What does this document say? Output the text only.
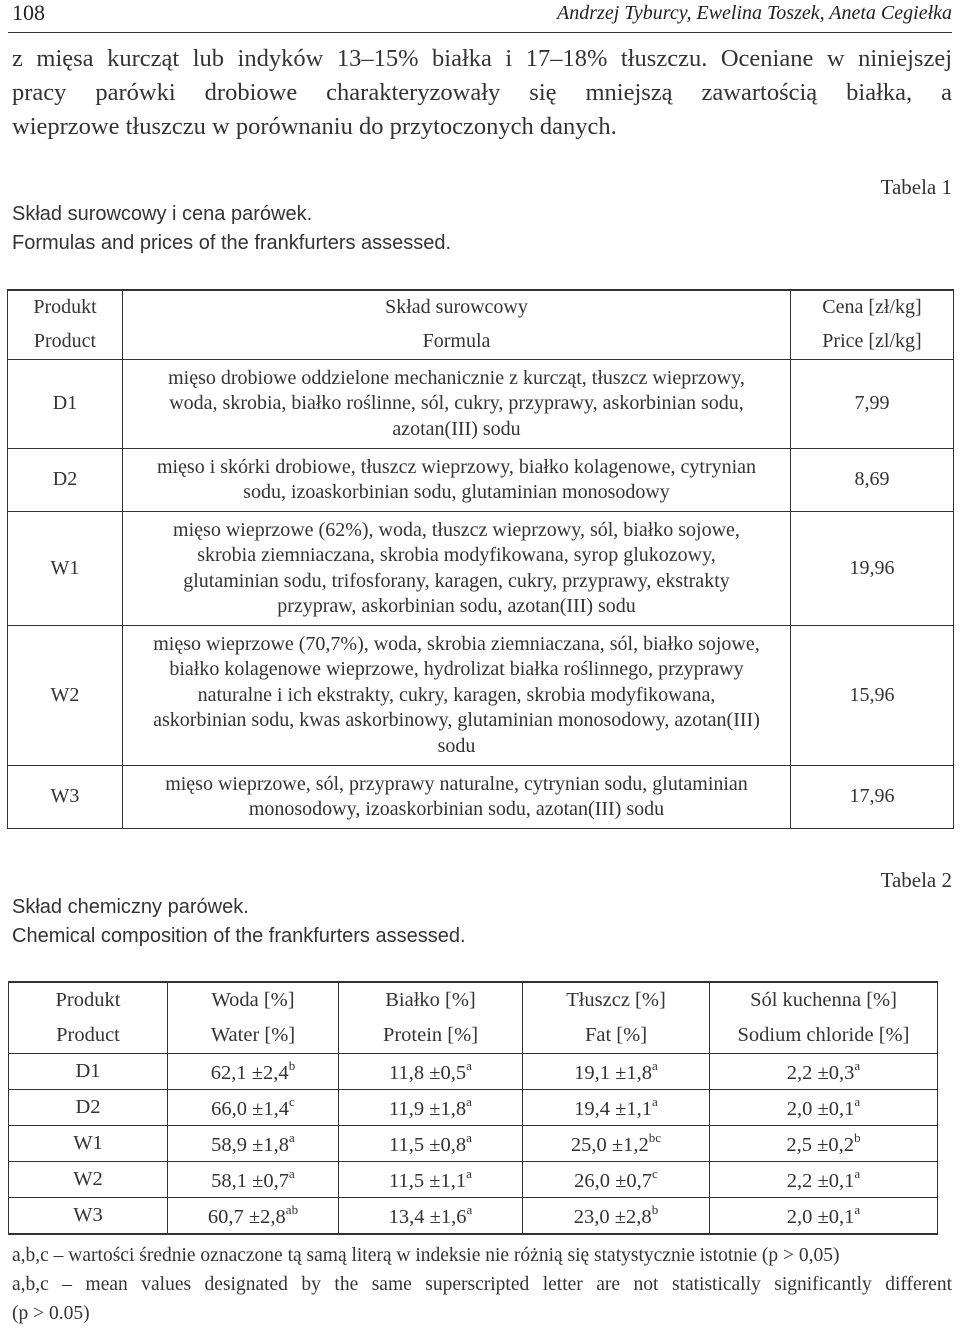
108	Andrzej Tyburcy, Ewelina Toszek, Aneta Cegiełka
z mięsa kurcząt lub indyków 13–15% białka i 17–18% tłuszczu. Oceniane w niniejszej
pracy parówki drobiowe charakteryzowały się mniejszą zawartością białka, a
wieprzowe tłuszczu w porównaniu do przytoczonych danych.
Tabela 1
Skład surowcowy i cena parówek.
Formulas and prices of the frankfurters assessed.
Produkt	Skład surowcowy	Cena [zł/kg]
Product	Formula	Price [zl/kg]
D1	mięso drobiowe oddzielone mechanicznie z kurcząt, tłuszcz wieprzowy,
woda, skrobia, białko roślinne, sól, cukry, przyprawy, askorbinian sodu,
azotan(III) sodu	7,99
D2	mięso i skórki drobiowe, tłuszcz wieprzowy, białko kolagenowe, cytrynian
sodu, izoaskorbinian sodu, glutaminian monosodowy	8,69
W1	mięso wieprzowe (62%), woda, tłuszcz wieprzowy, sól, białko sojowe,
skrobia ziemniaczana, skrobia modyfikowana, syrop glukozowy,
glutaminian sodu, trifosforany, karagen, cukry, przyprawy, ekstrakty
przypraw, askorbinian sodu, azotan(III) sodu	19,96
W2	mięso wieprzowe (70,7%), woda, skrobia ziemniaczana, sól, białko sojowe,
białko kolagenowe wieprzowe, hydrolizat białka roślinnego, przyprawy
naturalne i ich ekstrakty, cukry, karagen, skrobia modyfikowana,
askorbinian sodu, kwas askorbinowy, glutaminian monosodowy, azotan(III)
sodu	15,96
W3	mięso wieprzowe, sól, przyprawy naturalne, cytrynian sodu, glutaminian
monosodowy, izoaskorbinian sodu, azotan(III) sodu	17,96
Tabela 2
Skład chemiczny parówek.
Chemical composition of the frankfurters assessed.
Produkt	Woda [%]	Białko [%]	Tłuszcz [%]	Sól kuchenna [%]
Product	Water [%]	Protein [%]	Fat [%]	Sodium chloride [%]
D1	62,1 ±2,4$^b$	11,8 ±0,5$^a$	19,1 ±1,8$^a$	2,2 ±0,3$^a$
D2	66,0 ±1,4$^c$	11,9 ±1,8$^a$	19,4 ±1,1$^a$	2,0 ±0,1$^a$
W1	58,9 ±1,8$^a$	11,5 ±0,8$^a$	25,0 ±1,2$^{bc}$	2,5 ±0,2$^b$
W2	58,1 ±0,7$^a$	11,5 ±1,1$^a$	26,0 ±0,7$^c$	2,2 ±0,1$^a$
W3	60,7 ±2,8$^{ab}$	13,4 ±1,6$^a$	23,0 ±2,8$^b$	2,0 ±0,1$^a$
a,b,c – wartości średnie oznaczone tą samą literą w indeksie nie różnią się statystycznie istotnie (p > 0,05)
a,b,c – mean values designated by the same superscripted letter are not statistically significantly different
(p > 0.05)
